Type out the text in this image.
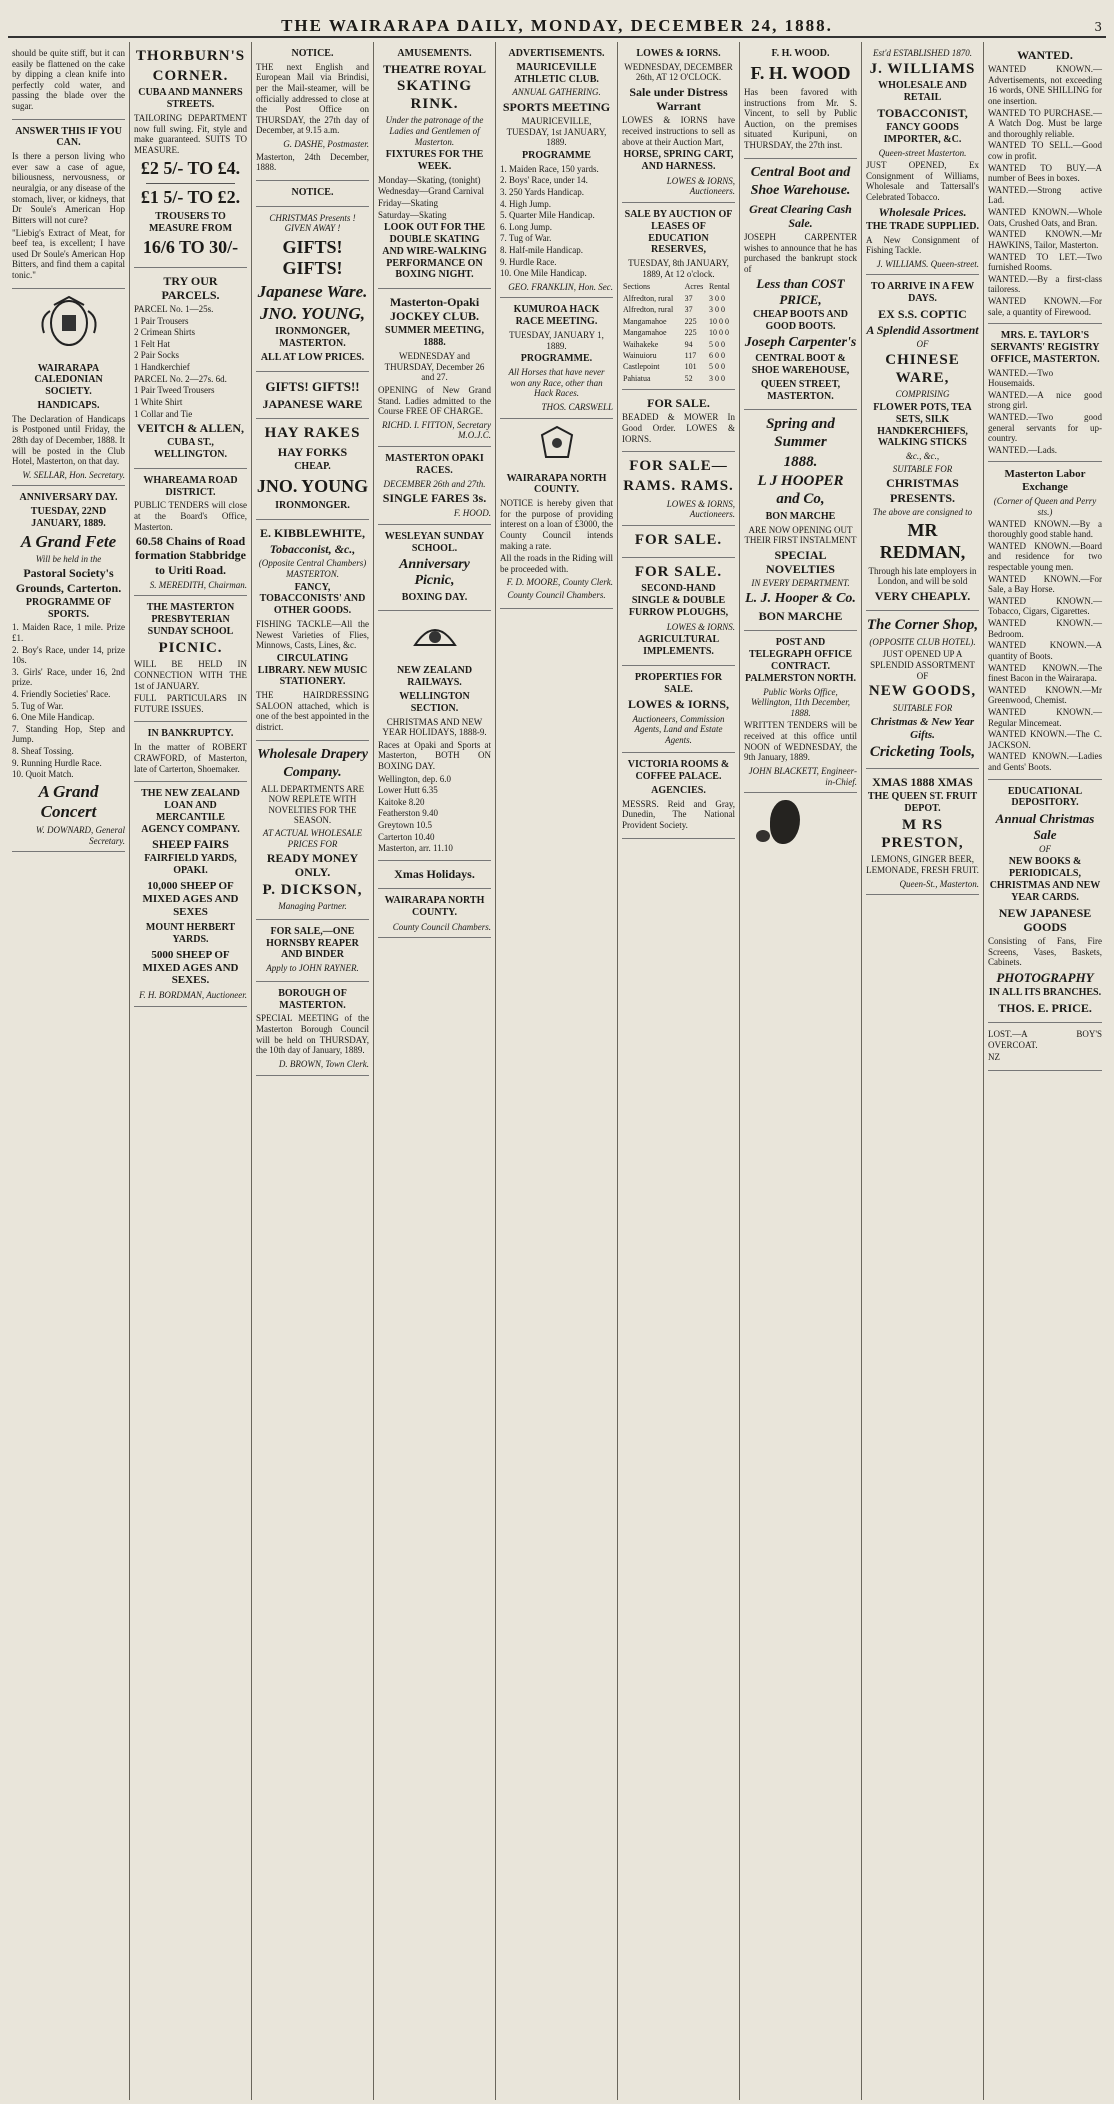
THE WAIRARAPA DAILY, MONDAY, DECEMBER 24, 1888.	3

should be quite stiff, but it can easily be flattened on the cake by dipping a clean knife into perfectly cold water, and passing the blade over the sugar.

ANSWER THIS IF YOU CAN.

Is there a person living who ever saw a case of ague, biliousness, nervousness, or neuralgia, or any disease of the stomach, liver, or kidneys, that Dr Soule's American Hop Bitters will not cure?

"Liebig's Extract of Meat, for beef tea, is excellent; I have used Dr Soule's American Hop Bitters, and find them a capital tonic."

WAIRARAPA CALEDONIAN SOCIETY.
HANDICAPS.

The Declaration of Handicaps is Postponed until Friday, the 28th day of December, 1888. It will be posted in the Club Hotel, Masterton, on that day.

W. SELLAR, Hon. Secretary.
ANNIVERSARY DAY.
TUESDAY, 22ND JANUARY, 1889.
A Grand Fete
Will be held in the
Pastoral Society's Grounds, Carterton.
PROGRAMME OF SPORTS.

1. Maiden Race, 1 mile. Prize £1.

2. Boy's Race, under 14, prize 10s.

3. Girls' Race, under 16, 2nd prize.

4. Friendly Societies' Race.

5. Tug of War.

6. One Mile Handicap.

7. Standing Hop, Step and Jump.

8. Sheaf Tossing.

9. Running Hurdle Race.

10. Quoit Match.

A Grand Concert
W. DOWNARD, General Secretary.
THORBURN'S
CORNER.
CUBA AND MANNERS STREETS.

TAILORING DEPARTMENT now full swing. Fit, style and make guaranteed. SUITS TO MEASURE.

£2 5/- TO £4.
£1 5/- TO £2.
TROUSERS TO MEASURE FROM
16/6 TO 30/-
TRY OUR PARCELS.

PARCEL No. 1—25s.

1 Pair Trousers

2 Crimean Shirts

1 Felt Hat

2 Pair Socks

1 Handkerchief

PARCEL No. 2—27s. 6d.

1 Pair Tweed Trousers

1 White Shirt

1 Collar and Tie

VEITCH & ALLEN,
CUBA ST., WELLINGTON.
WHAREAMA ROAD DISTRICT.

PUBLIC TENDERS will close at the Board's Office, Masterton.

60.58 Chains of Road formation Stabbridge to Uriti Road.
S. MEREDITH, Chairman.
THE MASTERTON PRESBYTERIAN SUNDAY SCHOOL
PICNIC.

WILL BE HELD IN CONNECTION WITH THE 1st of JANUARY.

FULL PARTICULARS IN FUTURE ISSUES.

IN BANKRUPTCY.

In the matter of ROBERT CRAWFORD, of Masterton, late of Carterton, Shoemaker.

THE NEW ZEALAND LOAN AND MERCANTILE AGENCY COMPANY.
SHEEP FAIRS
FAIRFIELD YARDS, OPAKI.
10,000 SHEEP OF MIXED AGES AND SEXES
MOUNT HERBERT YARDS.
5000 SHEEP OF MIXED AGES AND SEXES.
F. H. BORDMAN, Auctioneer.
NOTICE.

THE next English and European Mail via Brindisi, per the Mail-steamer, will be officially addressed to close at the Post Office on THURSDAY, the 27th day of December, at 9.15 a.m.

G. DASHE, Postmaster.

Masterton, 24th December, 1888.

NOTICE.

CHRISTMAS Presents ! GIVEN AWAY !

GIFTS! GIFTS!
Japanese Ware.
JNO. YOUNG,
IRONMONGER, MASTERTON.
ALL AT LOW PRICES.
GIFTS! GIFTS!!
JAPANESE WARE
HAY RAKES
HAY FORKS
CHEAP.
JNO. YOUNG
IRONMONGER.
E. KIBBLEWHITE,
Tobacconist, &c.,

(Opposite Central Chambers) MASTERTON.

FANCY, TOBACCONISTS' AND OTHER GOODS.

FISHING TACKLE—All the Newest Varieties of Flies, Minnows, Casts, Lines, &c.

CIRCULATING LIBRARY. NEW MUSIC STATIONERY.

THE HAIRDRESSING SALOON attached, which is one of the best appointed in the district.

Wholesale Drapery
Company.

ALL DEPARTMENTS ARE NOW REPLETE WITH NOVELTIES FOR THE SEASON.

AT ACTUAL WHOLESALE PRICES FOR

READY MONEY ONLY.
P. DICKSON,

Managing Partner.

FOR SALE,—ONE HORNSBY REAPER AND BINDER

Apply to JOHN RAYNER.

BOROUGH OF MASTERTON.

SPECIAL MEETING of the Masterton Borough Council will be held on THURSDAY, the 10th day of January, 1889.

D. BROWN, Town Clerk.
AMUSEMENTS.
THEATRE ROYAL
SKATING RINK.

Under the patronage of the Ladies and Gentlemen of Masterton.

FIXTURES FOR THE WEEK.

Monday—Skating, (tonight)

Wednesday—Grand Carnival

Friday—Skating

Saturday—Skating

LOOK OUT FOR THE DOUBLE SKATING AND WIRE-WALKING PERFORMANCE ON BOXING NIGHT.
Masterton-Opaki JOCKEY CLUB.
SUMMER MEETING, 1888.

WEDNESDAY and THURSDAY, December 26 and 27.

OPENING of New Grand Stand. Ladies admitted to the Course FREE OF CHARGE.

RICHD. I. FITTON, Secretary M.O.J.C.
MASTERTON OPAKI RACES.

DECEMBER 26th and 27th.

SINGLE FARES 3s.
F. HOOD.
WESLEYAN SUNDAY SCHOOL.
Anniversary Picnic,
BOXING DAY.
NEW ZEALAND RAILWAYS.
WELLINGTON SECTION.

CHRISTMAS AND NEW YEAR HOLIDAYS, 1888-9.

Races at Opaki and Sports at Masterton, BOTH ON BOXING DAY.

Wellington, dep. 6.0

Lower Hutt 6.35

Kaitoke 8.20

Featherston 9.40

Greytown 10.5

Carterton 10.40

Masterton, arr. 11.10

Xmas Holidays.
WAIRARAPA NORTH COUNTY.
County Council Chambers.
ADVERTISEMENTS.
MAURICEVILLE ATHLETIC CLUB.

ANNUAL GATHERING.

SPORTS MEETING

MAURICEVILLE, TUESDAY, 1st JANUARY, 1889.

PROGRAMME

1. Maiden Race, 150 yards.

2. Boys' Race, under 14.

3. 250 Yards Handicap.

4. High Jump.

5. Quarter Mile Handicap.

6. Long Jump.

7. Tug of War.

8. Half-mile Handicap.

9. Hurdle Race.

10. One Mile Handicap.

GEO. FRANKLIN, Hon. Sec.
KUMUROA HACK RACE MEETING.

TUESDAY, JANUARY 1, 1889.

PROGRAMME.

All Horses that have never won any Race, other than Hack Races.

THOS. CARSWELL
WAIRARAPA NORTH COUNTY.

NOTICE is hereby given that for the purpose of providing interest on a loan of £3000, the County Council intends making a rate.

All the roads in the Riding will be proceeded with.

F. D. MOORE, County Clerk.

County Council Chambers.

LOWES & IORNS.

WEDNESDAY, DECEMBER 26th, AT 12 O'CLOCK.

Sale under Distress Warrant

LOWES & IORNS have received instructions to sell as above at their Auction Mart,

HORSE, SPRING CART, AND HARNESS.
LOWES & IORNS, Auctioneers.
SALE BY AUCTION OF LEASES OF EDUCATION RESERVES,

TUESDAY, 8th JANUARY, 1889, At 12 o'clock.

Sections	Acres	Rental
Alfredton, rural	37	3 0 0
Alfredton, rural	37	3 0 0
Mangamahoe	225	10 0 0
Mangamahoe	225	10 0 0
Waihakeke	94	5 0 0
Wainuioru	117	6 0 0
Castlepoint	101	5 0 0
Pahiatua	52	3 0 0
FOR SALE.

BEADED & MOWER In Good Order. LOWES & IORNS.

FOR SALE—
RAMS. RAMS.
LOWES & IORNS, Auctioneers.
FOR SALE.
FOR SALE.
SECOND-HAND SINGLE & DOUBLE FURROW PLOUGHS,
LOWES & IORNS.
AGRICULTURAL IMPLEMENTS.
PROPERTIES FOR SALE.
LOWES & IORNS,

Auctioneers, Commission Agents, Land and Estate Agents.

VICTORIA ROOMS & COFFEE PALACE.
AGENCIES.

MESSRS. Reid and Gray, Dunedin, The National Provident Society.

F. H. WOOD.
F. H. WOOD

Has been favored with instructions from Mr. S. Vincent, to sell by Public Auction, on the premises situated Kuripuni, on THURSDAY, the 27th inst.

Central Boot and
Shoe Warehouse.
Great Clearing Cash Sale.

JOSEPH CARPENTER wishes to announce that he has purchased the bankrupt stock of

Less than COST PRICE,
CHEAP BOOTS AND GOOD BOOTS.
Joseph Carpenter's
CENTRAL BOOT & SHOE WAREHOUSE,
QUEEN STREET, MASTERTON.
Spring and Summer
1888.
L J HOOPER and Co,
BON MARCHE

ARE NOW OPENING OUT THEIR FIRST INSTALMENT

SPECIAL NOVELTIES

IN EVERY DEPARTMENT.

L. J. Hooper & Co.
BON MARCHE
POST AND TELEGRAPH OFFICE CONTRACT. PALMERSTON NORTH.

Public Works Office, Wellington, 11th December, 1888.

WRITTEN TENDERS will be received at this office until NOON of WEDNESDAY, the 9th January, 1889.

JOHN BLACKETT, Engineer-in-Chief.

Est'd ESTABLISHED 1870.

J. WILLIAMS
WHOLESALE AND RETAIL
TOBACCONIST,
FANCY GOODS IMPORTER, &C.

Queen-street Masterton.

JUST OPENED, Ex Consignment of Williams, Wholesale and Tattersall's Celebrated Tobacco.

Wholesale Prices.
THE TRADE SUPPLIED.

A New Consignment of Fishing Tackle.

J. WILLIAMS. Queen-street.
TO ARRIVE IN A FEW DAYS.
EX S.S. COPTIC
A Splendid Assortment

OF

CHINESE WARE,

COMPRISING

FLOWER POTS, TEA SETS, SILK HANDKERCHIEFS, WALKING STICKS

&c., &c.,

SUITABLE FOR

CHRISTMAS PRESENTS.

The above are consigned to

MR REDMAN,

Through his late employers in London, and will be sold

VERY CHEAPLY.
The Corner Shop,

(OPPOSITE CLUB HOTEL).

JUST OPENED UP A SPLENDID ASSORTMENT OF

NEW GOODS,

SUITABLE FOR

Christmas & New Year Gifts.
Cricketing Tools,
XMAS 1888 XMAS
THE QUEEN ST. FRUIT DEPOT.
M RS PRESTON,

LEMONS, GINGER BEER, LEMONADE, FRESH FRUIT.

Queen-St., Masterton.
WANTED.

WANTED KNOWN.—Advertisements, not exceeding 16 words, ONE SHILLING for one insertion.

WANTED TO PURCHASE.—A Watch Dog. Must be large and thoroughly reliable.

WANTED TO SELL.—Good cow in profit.

WANTED TO BUY.—A number of Bees in boxes.

WANTED.—Strong active Lad.

WANTED KNOWN.—Whole Oats, Crushed Oats, and Bran.

WANTED KNOWN.—Mr HAWKINS, Tailor, Masterton.

WANTED TO LET.—Two furnished Rooms.

WANTED.—By a first-class tailoress.

WANTED KNOWN.—For sale, a quantity of Firewood.

MRS. E. TAYLOR'S SERVANTS' REGISTRY OFFICE, MASTERTON.

WANTED.—Two Housemaids.

WANTED.—A nice good strong girl.

WANTED.—Two good general servants for up-country.

WANTED.—Lads.

Masterton Labor Exchange

(Corner of Queen and Perry sts.)

WANTED KNOWN.—By a thoroughly good stable hand.

WANTED KNOWN.—Board and residence for two respectable young men.

WANTED KNOWN.—For Sale, a Bay Horse.

WANTED KNOWN.—Tobacco, Cigars, Cigarettes.

WANTED KNOWN.—Bedroom.

WANTED KNOWN.—A quantity of Boots.

WANTED KNOWN.—The finest Bacon in the Wairarapa.

WANTED KNOWN.—Mr Greenwood, Chemist.

WANTED KNOWN.—Regular Mincemeat.

WANTED KNOWN.—The C. JACKSON.

WANTED KNOWN.—Ladies and Gents' Boots.

EDUCATIONAL DEPOSITORY.
Annual Christmas Sale

OF

NEW BOOKS & PERIODICALS, CHRISTMAS AND NEW YEAR CARDS.
NEW JAPANESE GOODS

Consisting of Fans, Fire Screens, Vases, Baskets, Cabinets.

PHOTOGRAPHY
IN ALL ITS BRANCHES.
THOS. E. PRICE.

LOST.—A BOY'S OVERCOAT.

NZ
